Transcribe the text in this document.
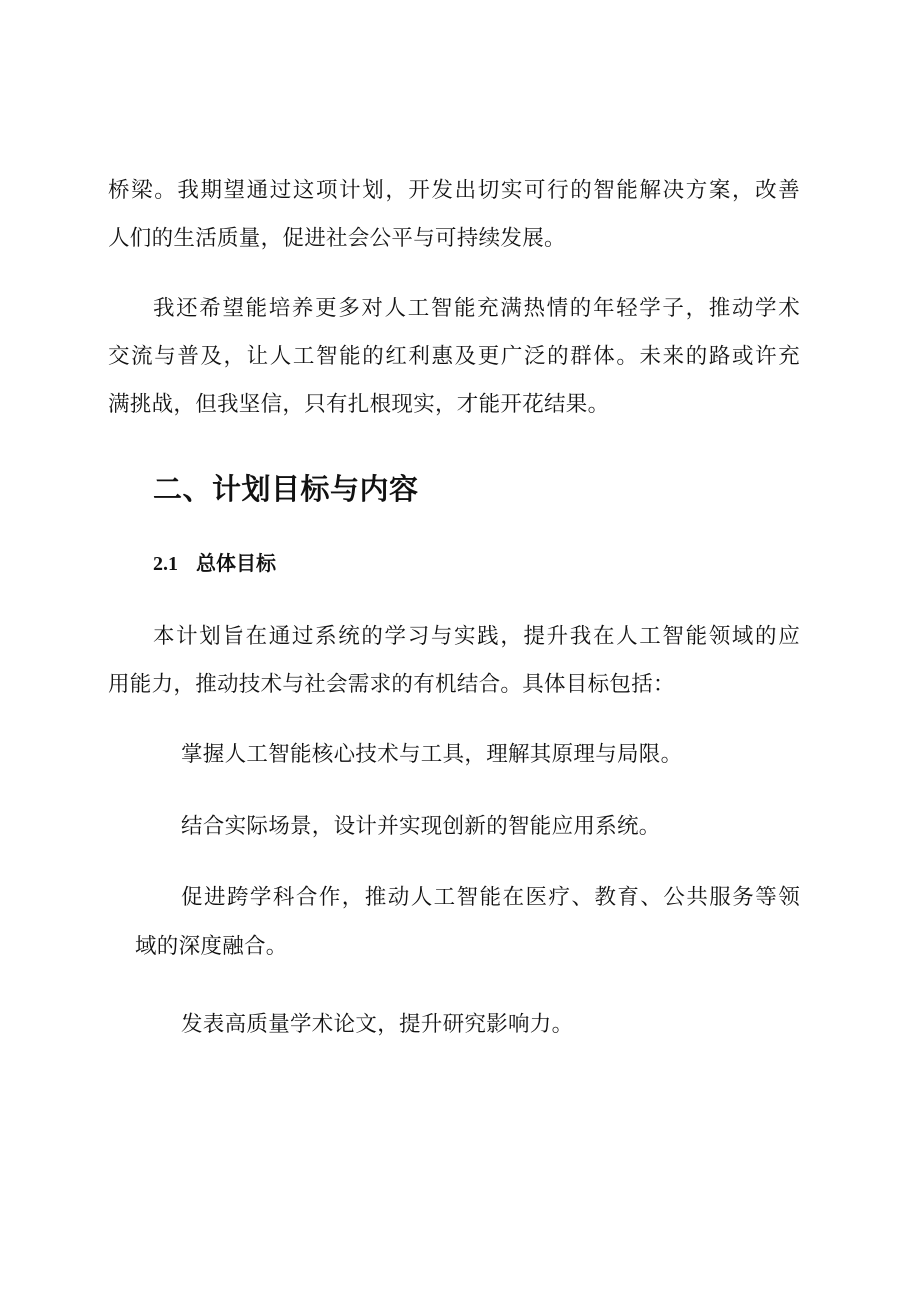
桥梁。我期望通过这项计划，开发出切实可行的智能解决方案，改善
人们的生活质量，促进社会公平与可持续发展。
我还希望能培养更多对人工智能充满热情的年轻学子，推动学术
交流与普及，让人工智能的红利惠及更广泛的群体。未来的路或许充
满挑战，但我坚信，只有扎根现实，才能开花结果。
二、计划目标与内容
2.1 总体目标
本计划旨在通过系统的学习与实践，提升我在人工智能领域的应
用能力，推动技术与社会需求的有机结合。具体目标包括：
掌握人工智能核心技术与工具，理解其原理与局限。
结合实际场景，设计并实现创新的智能应用系统。
促进跨学科合作，推动人工智能在医疗、教育、公共服务等领
域的深度融合。
发表高质量学术论文，提升研究影响力。
